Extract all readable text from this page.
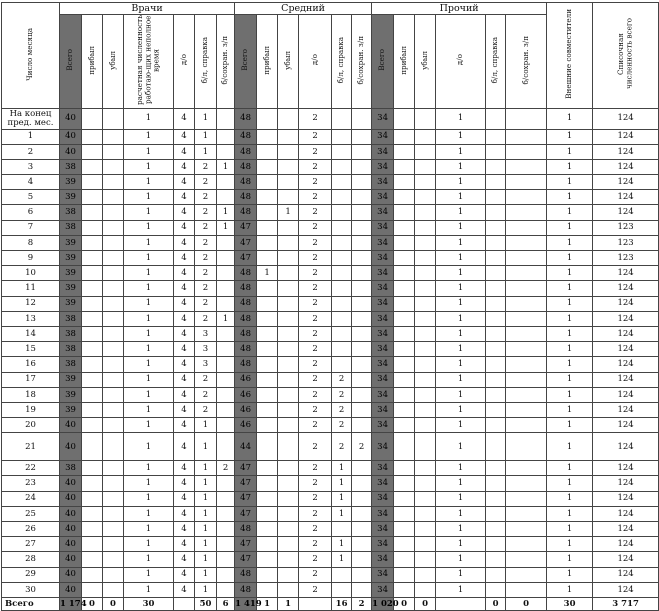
Число месяца	Врачи							Средний						Прочий						Внешние совместители	Списочная численность всего
	Всего	прибыл	убыл	расчетная численность работаю-щих неполное время	д/о	б/л, справка	б/сохран. з/п	Всего	прибыл	убыл	д/о	б/л, справка	б/сохран. з/п	Всего	прибыл	убыл	д/о	б/л, справка	б/сохран. з/п		
На конец пред. мес.	40			1	4	1		48			2			34			1			1	124
1	40			1	4	1		48			2			34			1			1	124
2	40			1	4	1		48			2			34			1			1	124
3	38			1	4	2	1	48			2			34			1			1	124
4	39			1	4	2		48			2			34			1			1	124
5	39			1	4	2		48			2			34			1			1	124
6	38			1	4	2	1	48		1	2			34			1			1	124
7	38			1	4	2	1	47			2			34			1			1	123
8	39			1	4	2		47			2			34			1			1	123
9	39			1	4	2		47			2			34			1			1	123
10	39			1	4	2		48	1		2			34			1			1	124
11	39			1	4	2		48			2			34			1			1	124
12	39			1	4	2		48			2			34			1			1	124
13	38			1	4	2	1	48			2			34			1			1	124
14	38			1	4	3		48			2			34			1			1	124
15	38			1	4	3		48			2			34			1			1	124
16	38			1	4	3		48			2			34			1			1	124
17	39			1	4	2		46			2	2		34			1			1	124
18	39			1	4	2		46			2	2		34			1			1	124
19	39			1	4	2		46			2	2		34			1			1	124
20	40			1	4	1		46			2	2		34			1			1	124
21	40			1	4	1		44			2	2	2	34			1			1	124
22	38			1	4	1	2	47			2	1		34			1			1	124
23	40			1	4	1		47			2	1		34			1			1	124
24	40			1	4	1		47			2	1		34			1			1	124
25	40			1	4	1		47			2	1		34			1			1	124
26	40			1	4	1		48			2			34			1			1	124
27	40			1	4	1		47			2	1		34			1			1	124
28	40			1	4	1		47			2	1		34			1			1	124
29	40			1	4	1		48			2			34			1			1	124
30	40			1	4	1		48			2			34			1			1	124
Всего	1 174	0	0	30		50	6	1 419	1	1		16	2	1 020	0	0		0	0	30	3 717
